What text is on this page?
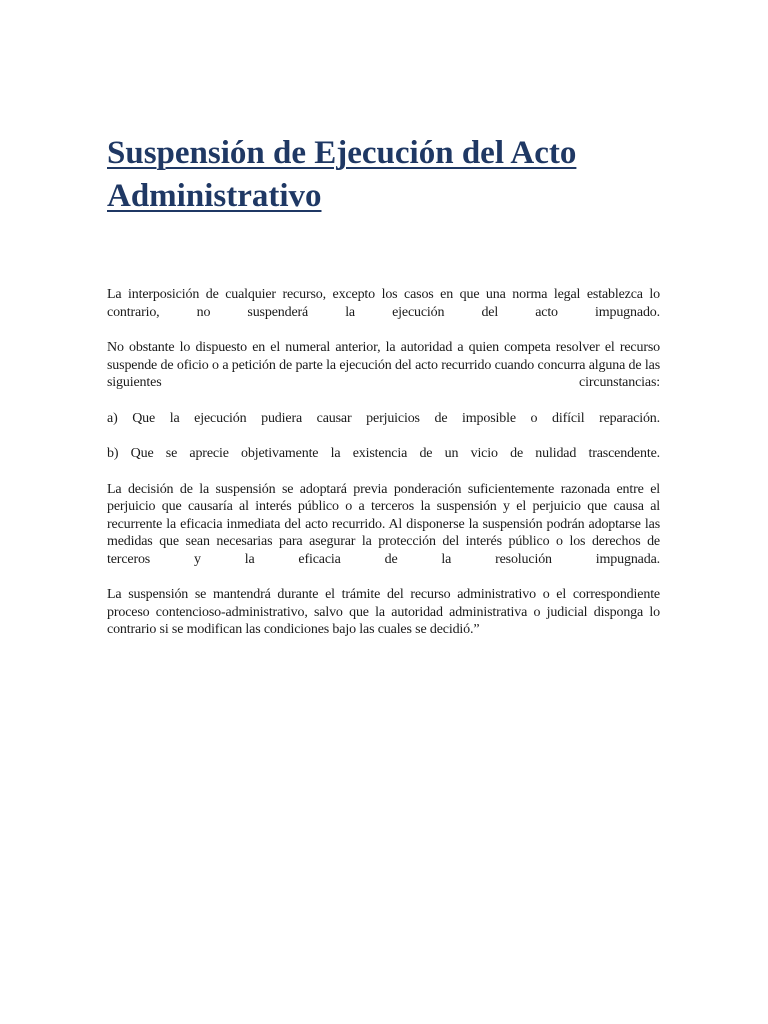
Suspensión de Ejecución del Acto Administrativo

La interposición de cualquier recurso, excepto los casos en que una norma legal establezca lo contrario, no suspenderá la ejecución del acto impugnado.

No obstante lo dispuesto en el numeral anterior, la autoridad a quien competa resolver el recurso suspende de oficio o a petición de parte la ejecución del acto recurrido cuando concurra alguna de las siguientes circunstancias:

a) Que la ejecución pudiera causar perjuicios de imposible o difícil reparación.

b) Que se aprecie objetivamente la existencia de un vicio de nulidad trascendente.

La decisión de la suspensión se adoptará previa ponderación suficientemente razonada entre el perjuicio que causaría al interés público o a terceros la suspensión y el perjuicio que causa al recurrente la eficacia inmediata del acto recurrido. Al disponerse la suspensión podrán adoptarse las medidas que sean necesarias para asegurar la protección del interés público o los derechos de terceros y la eficacia de la resolución impugnada.

La suspensión se mantendrá durante el trámite del recurso administrativo o el correspondiente proceso contencioso-administrativo, salvo que la autoridad administrativa o judicial disponga lo contrario si se modifican las condiciones bajo las cuales se decidió.”
